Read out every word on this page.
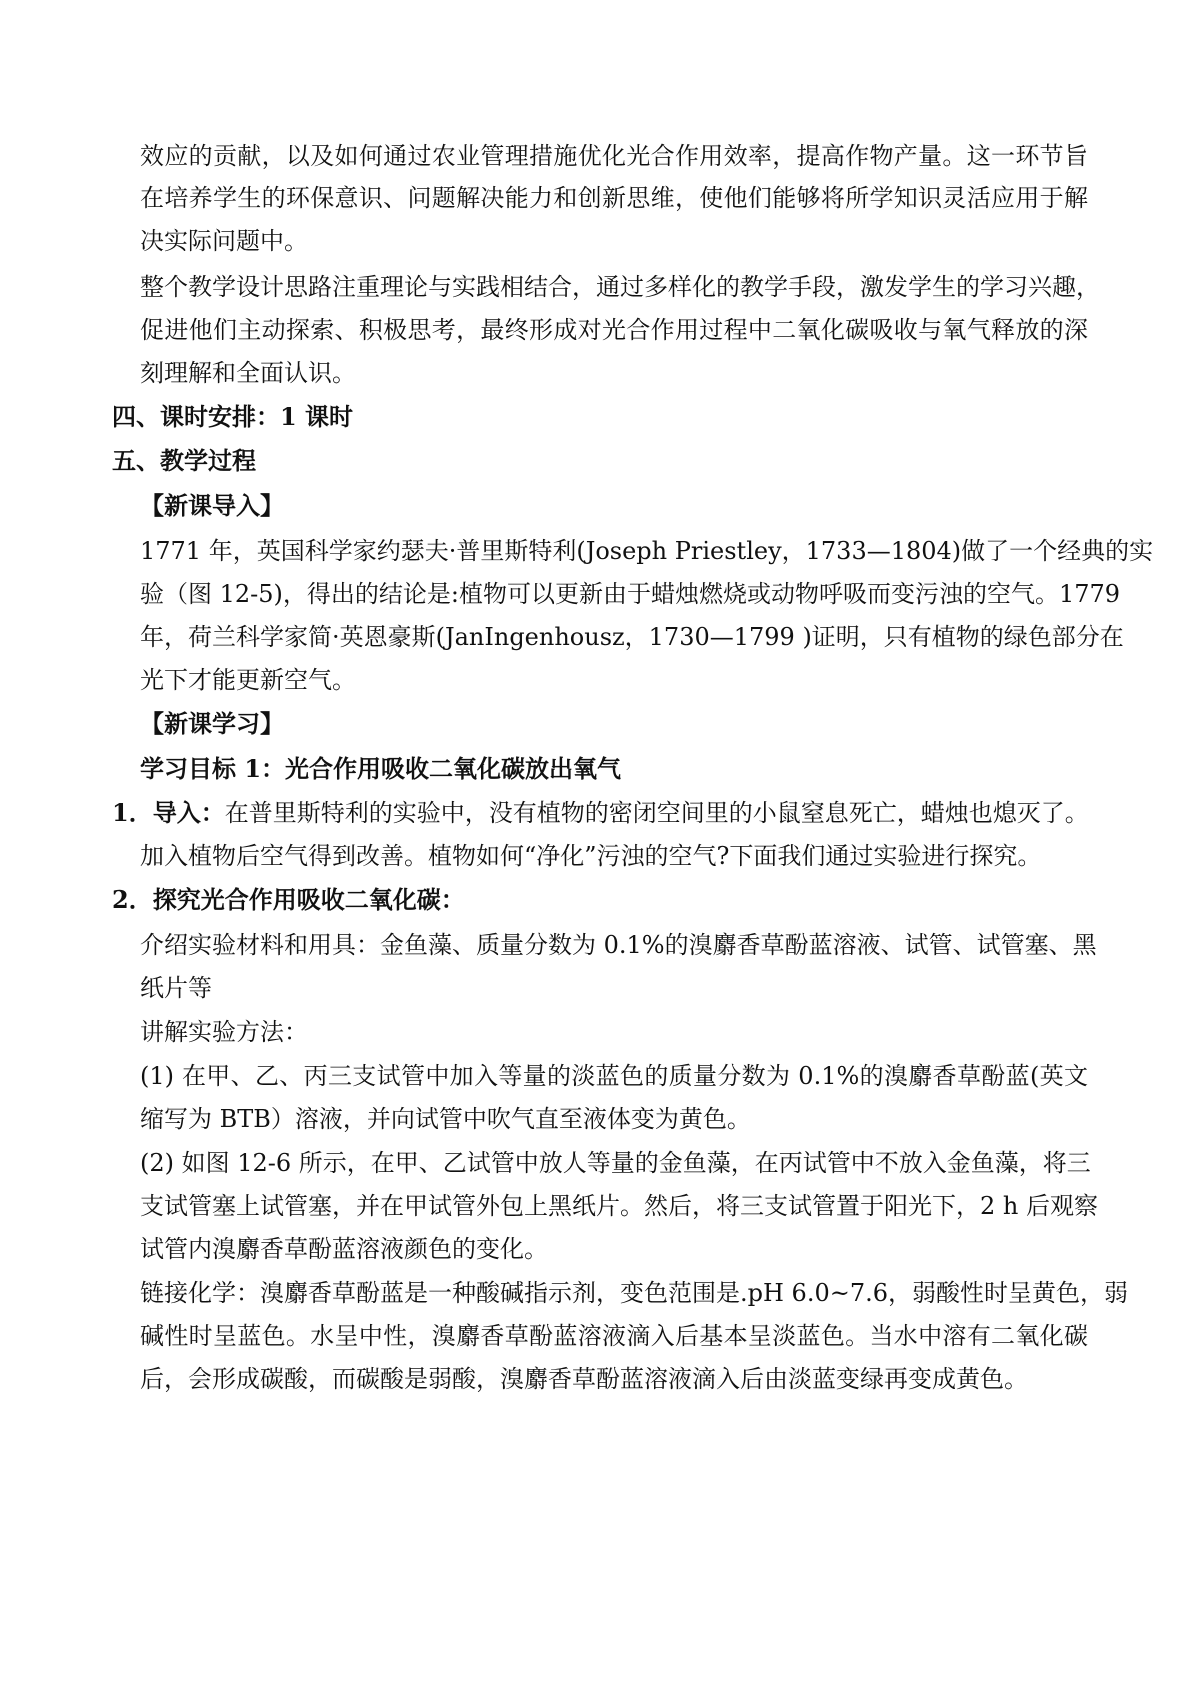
效应的贡献，以及如何通过农业管理措施优化光合作用效率，提高作物产量。这一环节旨
在培养学生的环保意识、问题解决能力和创新思维，使他们能够将所学知识灵活应用于解
决实际问题中。
整个教学设计思路注重理论与实践相结合，通过多样化的教学手段，激发学生的学习兴趣，
促进他们主动探索、积极思考，最终形成对光合作用过程中二氧化碳吸收与氧气释放的深
刻理解和全面认识。
四、课时安排：1 课时
五、教学过程
【新课导入】
1771 年，英国科学家约瑟夫·普里斯特利(Joseph Priestley，1733—1804)做了一个经典的实
验（图 12-5)，得出的结论是:植物可以更新由于蜡烛燃烧或动物呼吸而变污浊的空气。1779
年，荷兰科学家简·英恩豪斯(JanIngenhousz，1730—1799 )证明，只有植物的绿色部分在
光下才能更新空气。
【新课学习】
学习目标 1：光合作用吸收二氧化碳放出氧气
1．导入：在普里斯特利的实验中，没有植物的密闭空间里的小鼠窒息死亡，蜡烛也熄灭了。
加入植物后空气得到改善。植物如何“净化”污浊的空气?下面我们通过实验进行探究。
2．探究光合作用吸收二氧化碳：
介绍实验材料和用具：金鱼藻、质量分数为 0.1%的溴麝香草酚蓝溶液、试管、试管塞、黑
纸片等
讲解实验方法：
(1) 在甲、乙、丙三支试管中加入等量的淡蓝色的质量分数为 0.1%的溴麝香草酚蓝(英文
缩写为 BTB）溶液，并向试管中吹气直至液体变为黄色。
(2) 如图 12-6 所示，在甲、乙试管中放人等量的金鱼藻，在丙试管中不放入金鱼藻，将三
支试管塞上试管塞，并在甲试管外包上黑纸片。然后，将三支试管置于阳光下，2 h 后观察
试管内溴麝香草酚蓝溶液颜色的变化。
链接化学：溴麝香草酚蓝是一种酸碱指示剂，变色范围是.pH 6.0~7.6，弱酸性时呈黄色，弱
碱性时呈蓝色。水呈中性，溴麝香草酚蓝溶液滴入后基本呈淡蓝色。当水中溶有二氧化碳
后，会形成碳酸，而碳酸是弱酸，溴麝香草酚蓝溶液滴入后由淡蓝变绿再变成黄色。
